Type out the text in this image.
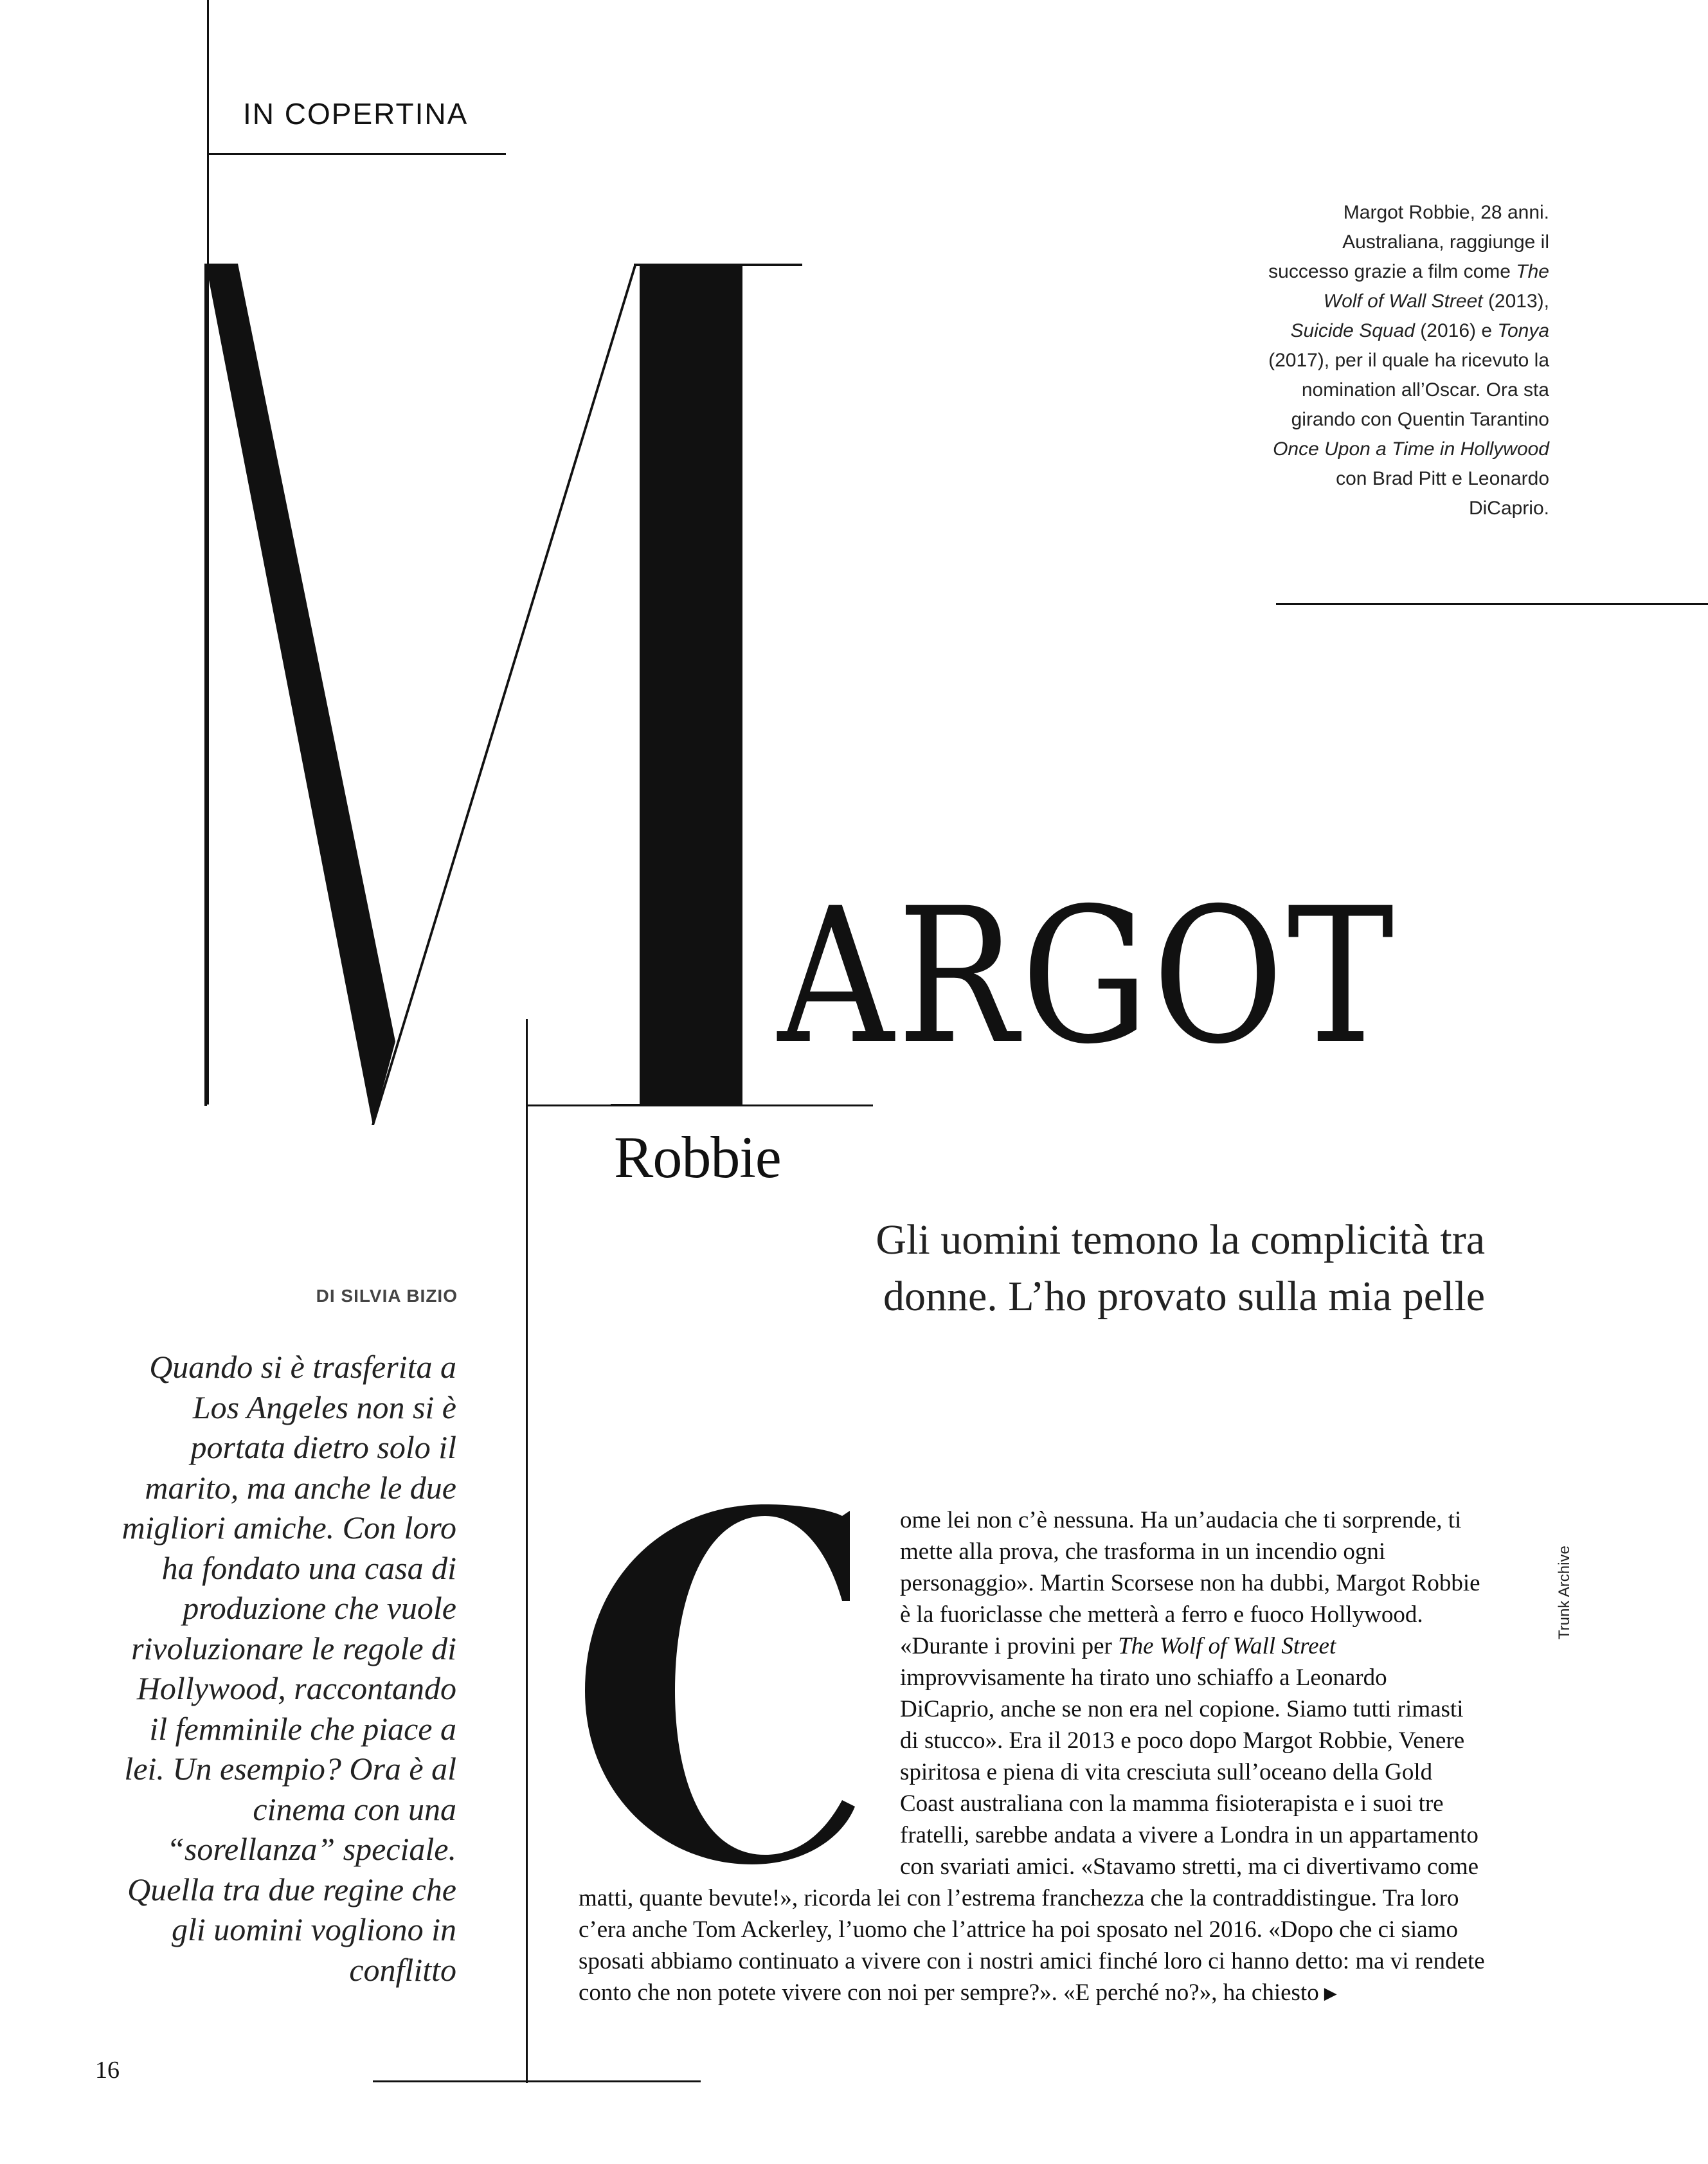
IN COPERTINA
Margot Robbie, 28 anni. Australiana, raggiunge il successo grazie a film come The Wolf of Wall Street (2013), Suicide Squad (2016) e Tonya (2017), per il quale ha ricevuto la nomination all’Oscar. Ora sta girando con Quentin Tarantino Once Upon a Time in Hollywood con Brad Pitt e Leonardo DiCaprio.
ARGOT
Robbie
Gli uomini temono la complicità tra donne. L’ho provato sulla mia pelle
DI SILVIA BIZIO
Quando si è trasferita a Los Angeles non si è portata dietro solo il marito, ma anche le due migliori amiche. Con loro ha fondato una casa di produzione che vuole rivoluzionare le regole di Hollywood, raccontando il femminile che piace a lei. Un esempio? Ora è al cinema con una “sorellanza” speciale. Quella tra due regine che gli uomini vogliono in conflitto
ome lei non c’è nessuna. Ha un’audacia che ti sorprende, ti mette alla prova, che trasforma in un incendio ogni personaggio». Martin Scorsese non ha dubbi, Margot Robbie è la fuoriclasse che metterà a ferro e fuoco Hollywood. «Durante i provini per The Wolf of Wall Street improvvisamente ha tirato uno schiaffo a Leonardo DiCaprio, anche se non era nel copione. Siamo tutti rimasti di stucco». Era il 2013 e poco dopo Margot Robbie, Venere spiritosa e piena di vita cresciuta sull’oceano della Gold Coast australiana con la mamma fisioterapista e i suoi tre fratelli, sarebbe andata a vivere a Londra in un appartamento con svariati amici. «Stavamo stretti, ma ci divertivamo come matti, quante bevute!», ricorda lei con l’estrema franchezza che la contraddistingue. Tra loro c’era anche Tom Ackerley, l’uomo che l’attrice ha poi sposato nel 2016. «Dopo che ci siamo sposati abbiamo continuato a vivere con i nostri amici finché loro ci hanno detto: ma vi rendete conto che non potete vivere con noi per sempre?». «E perché no?», ha chiesto ▶
Trunk Archive
16
